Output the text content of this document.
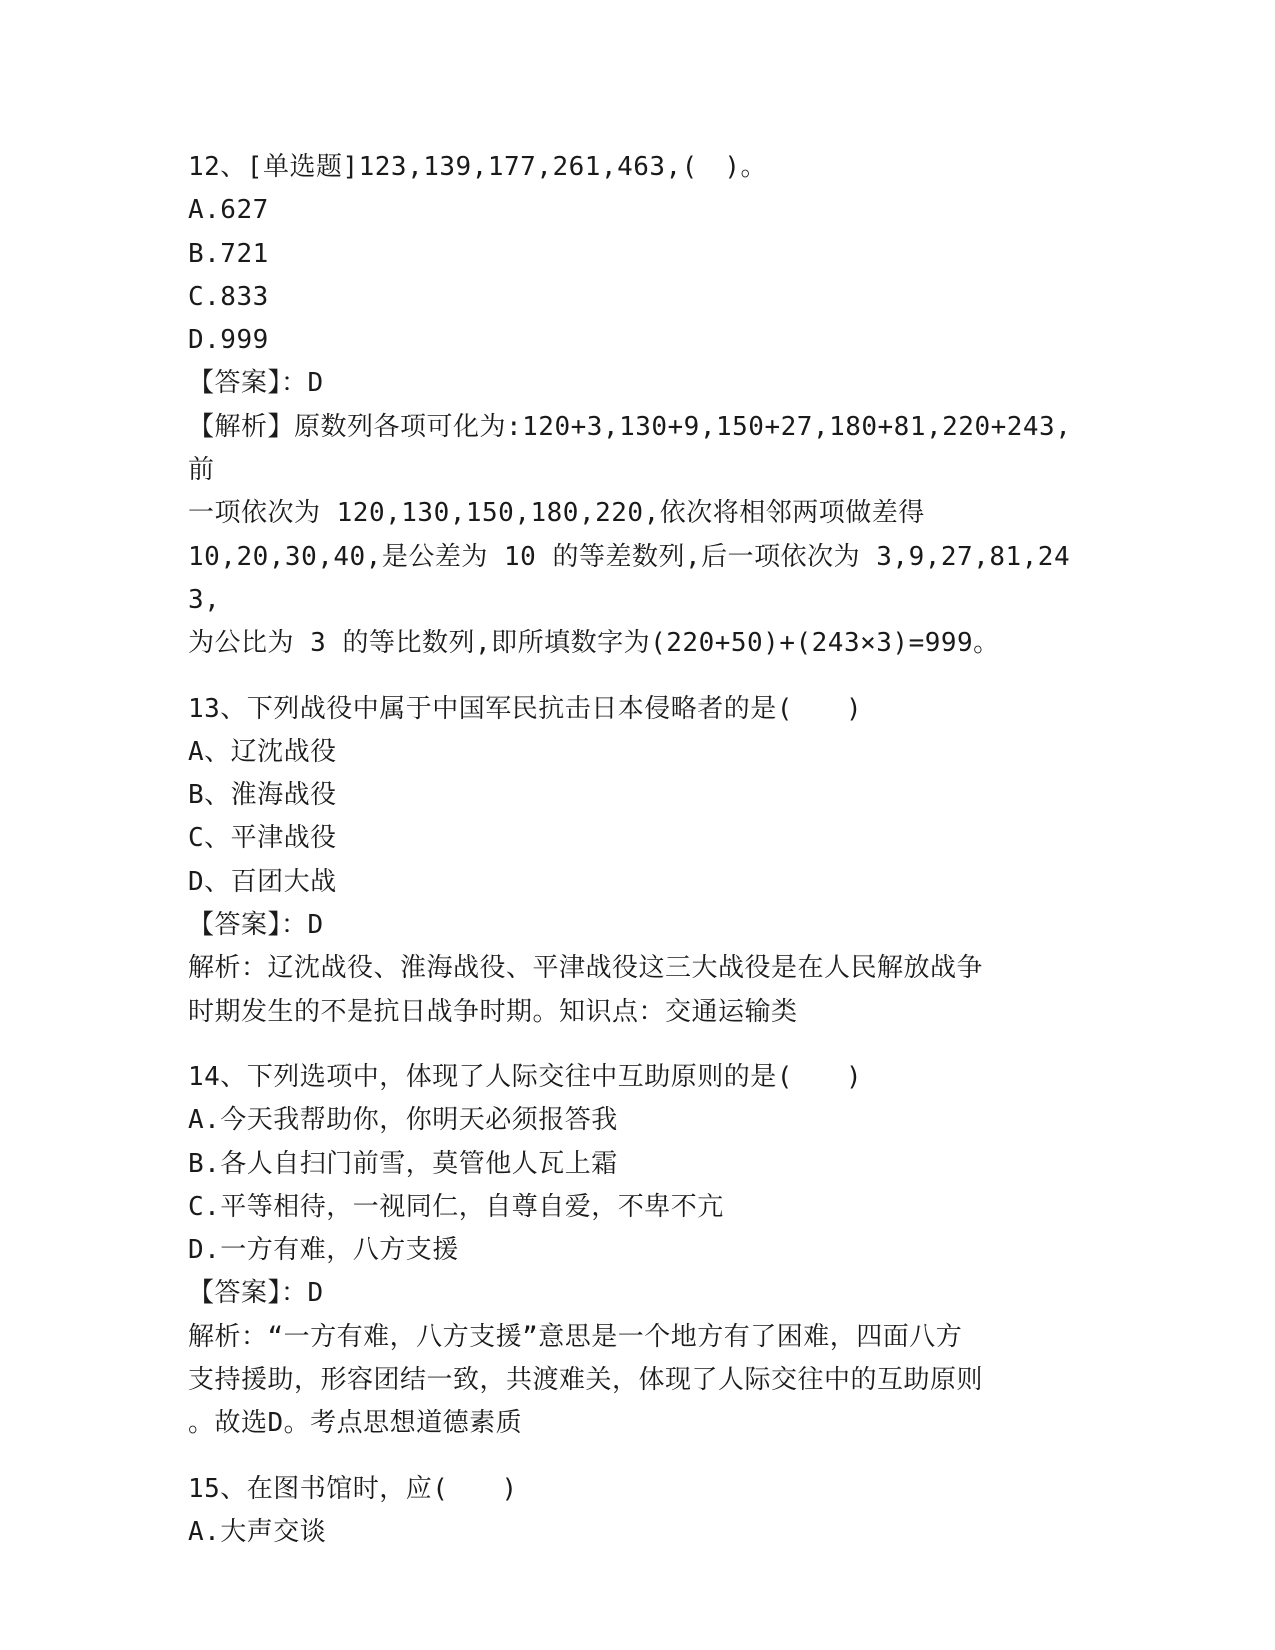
12、[单选题]123,139,177,261,463,(　)。
A.627
B.721
C.833
D.999
【答案】：D
【解析】原数列各项可化为:120+3,130+9,150+27,180+81,220+243,前
一项依次为 120,130,150,180,220,依次将相邻两项做差得
10,20,30,40,是公差为 10 的等差数列,后一项依次为 3,9,27,81,243,
为公比为 3 的等比数列,即所填数字为(220+50)+(243×3)=999。
13、下列战役中属于中国军民抗击日本侵略者的是(　　)
A、辽沈战役
B、淮海战役
C、平津战役
D、百团大战
【答案】：D
解析：辽沈战役、淮海战役、平津战役这三大战役是在人民解放战争
时期发生的不是抗日战争时期。知识点：交通运输类
14、下列选项中，体现了人际交往中互助原则的是(　　)
A.今天我帮助你，你明天必须报答我
B.各人自扫门前雪，莫管他人瓦上霜
C.平等相待，一视同仁，自尊自爱，不卑不亢
D.一方有难，八方支援
【答案】：D
解析：“一方有难，八方支援”意思是一个地方有了困难，四面八方
支持援助，形容团结一致，共渡难关，体现了人际交往中的互助原则
。故选D。考点思想道德素质
15、在图书馆时，应(　　)
A.大声交谈
